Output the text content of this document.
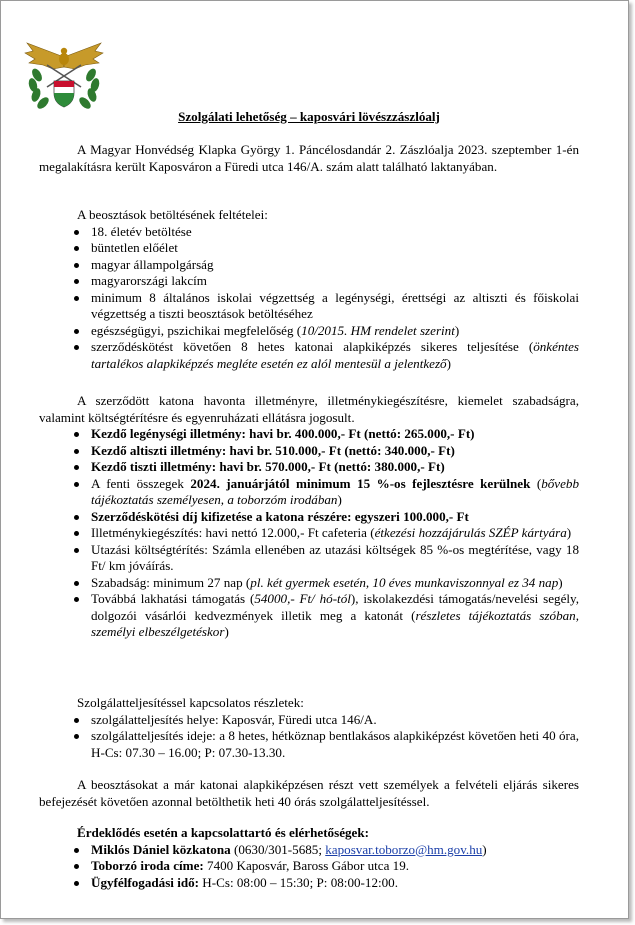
Szolgálati lehetőség – kaposvári lövészzászlóalj

A Magyar Honvédség Klapka György 1. Páncélosdandár 2. Zászlóalja 2023. szeptember 1-én megalakításra került Kaposváron a Füredi utca 146/A. szám alatt található laktanyában.

A beosztások betöltésének feltételei:

18. életév betöltése
büntetlen előélet
magyar állampolgárság
magyarországi lakcím
minimum 8 általános iskolai végzettség a legénységi, érettségi az altiszti és főiskolai végzettség a tiszti beosztások betöltéséhez
egészségügyi, pszichikai megfelelőség (10/2015. HM rendelet szerint)
szerződéskötést követően 8 hetes katonai alapkiképzés sikeres teljesítése (önkéntes tartalékos alapkiképzés megléte esetén ez alól mentesül a jelentkező)

A szerződött katona havonta illetményre, illetménykiegészítésre, kiemelet szabadságra, valamint költségtérítésre és egyenruházati ellátásra jogosult.

Kezdő legénységi illetmény: havi br. 400.000,- Ft (nettó: 265.000,- Ft)
Kezdő altiszti illetmény: havi br. 510.000,- Ft (nettó: 340.000,- Ft)
Kezdő tiszti illetmény: havi br. 570.000,- Ft (nettó: 380.000,- Ft)
A fenti összegek 2024. januárjától minimum 15 %-os fejlesztésre kerülnek (bővebb tájékoztatás személyesen, a toborzóm irodában)
Szerződéskötési díj kifizetése a katona részére: egyszeri 100.000,- Ft
Illetménykiegészítés: havi nettó 12.000,- Ft cafeteria (étkezési hozzájárulás SZÉP kártyára)
Utazási költségtérítés: Számla ellenében az utazási költségek 85 %-os megtérítése, vagy 18 Ft/ km jóváírás.
Szabadság: minimum 27 nap (pl. két gyermek esetén, 10 éves munkaviszonnyal ez 34 nap)
Továbbá lakhatási támogatás (54000,- Ft/ hó-tól), iskolakezdési támogatás/nevelési segély, dolgozói vásárlói kedvezmények illetik meg a katonát (részletes tájékoztatás szóban, személyi elbeszélgetéskor)

Szolgálatteljesítéssel kapcsolatos részletek:

szolgálatteljesítés helye: Kaposvár, Füredi utca 146/A.
szolgálatteljesítés ideje: a 8 hetes, hétköznap bentlakásos alapkiképzést követően heti 40 óra, H-Cs: 07.30 – 16.00; P: 07.30-13.30.

A beosztásokat a már katonai alapkiképzésen részt vett személyek a felvételi eljárás sikeres befejezését követően azonnal betölthetik heti 40 órás szolgálatteljesítéssel.

Érdeklődés esetén a kapcsolattartó és elérhetőségek:

Miklós Dániel közkatona (0630/301-5685; kaposvar.toborzo@hm.gov.hu)
Toborzó iroda címe: 7400 Kaposvár, Baross Gábor utca 19.
Ügyfélfogadási idő: H-Cs: 08:00 – 15:30; P: 08:00-12:00.
